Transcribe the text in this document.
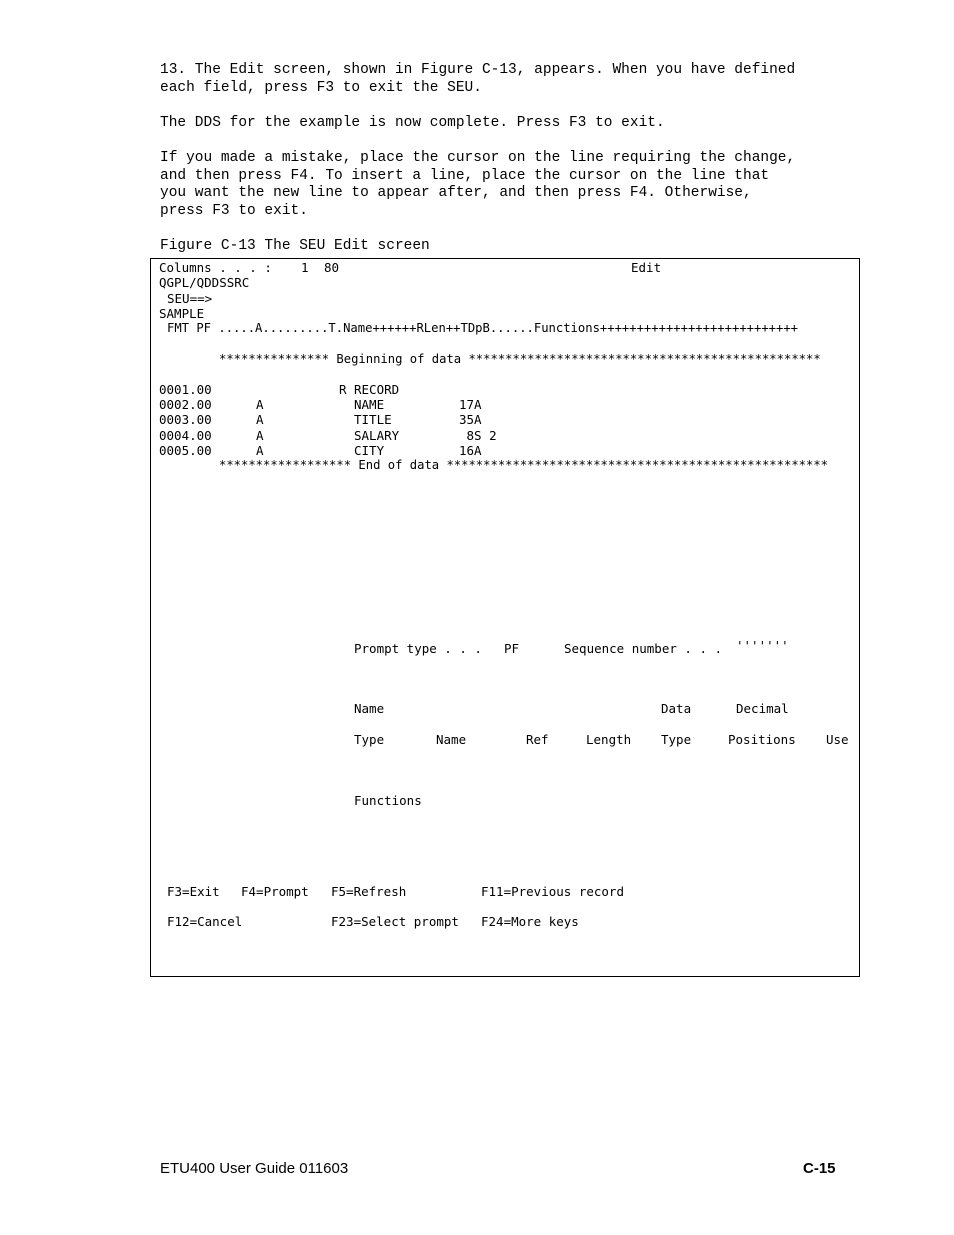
13. The Edit screen, shown in Figure C-13, appears. When you have defined
each field, press F3 to exit the SEU.

The DDS for the example is now complete. Press F3 to exit.

If you made a mistake, place the cursor on the line requiring the change,
and then press F4. To insert a line, place the cursor on the line that
you want the new line to appear after, and then press F4. Otherwise,
press F3 to exit.

Figure C-13 The SEU Edit screen

Columns . . . : 1 80	Edit
QGPL/QDDSSRC
SEU==>
SAMPLE
FMT PF .....A.........T.Name++++++RLen++TDpB......Functions+++++++++++++++++++++++++++
*************** Beginning of data ************************************************
0001.00	R RECORD
0002.00	A	NAME	17A
0003.00	A	TITLE	35A
0004.00	A	SALARY	8S 2
0005.00	A	CITY	16A
****************** End of data ****************************************************
Prompt type . . . PF	Sequence number . . . '''''''
Name	Data	Decimal
Type	Name	Ref	Length Type	Positions Use
Functions
F3=Exit F4=Prompt F5=Refresh	F11=Previous record
F12=Cancel	F23=Select prompt F24=More keys
ETU400 User Guide 011603	C-15
